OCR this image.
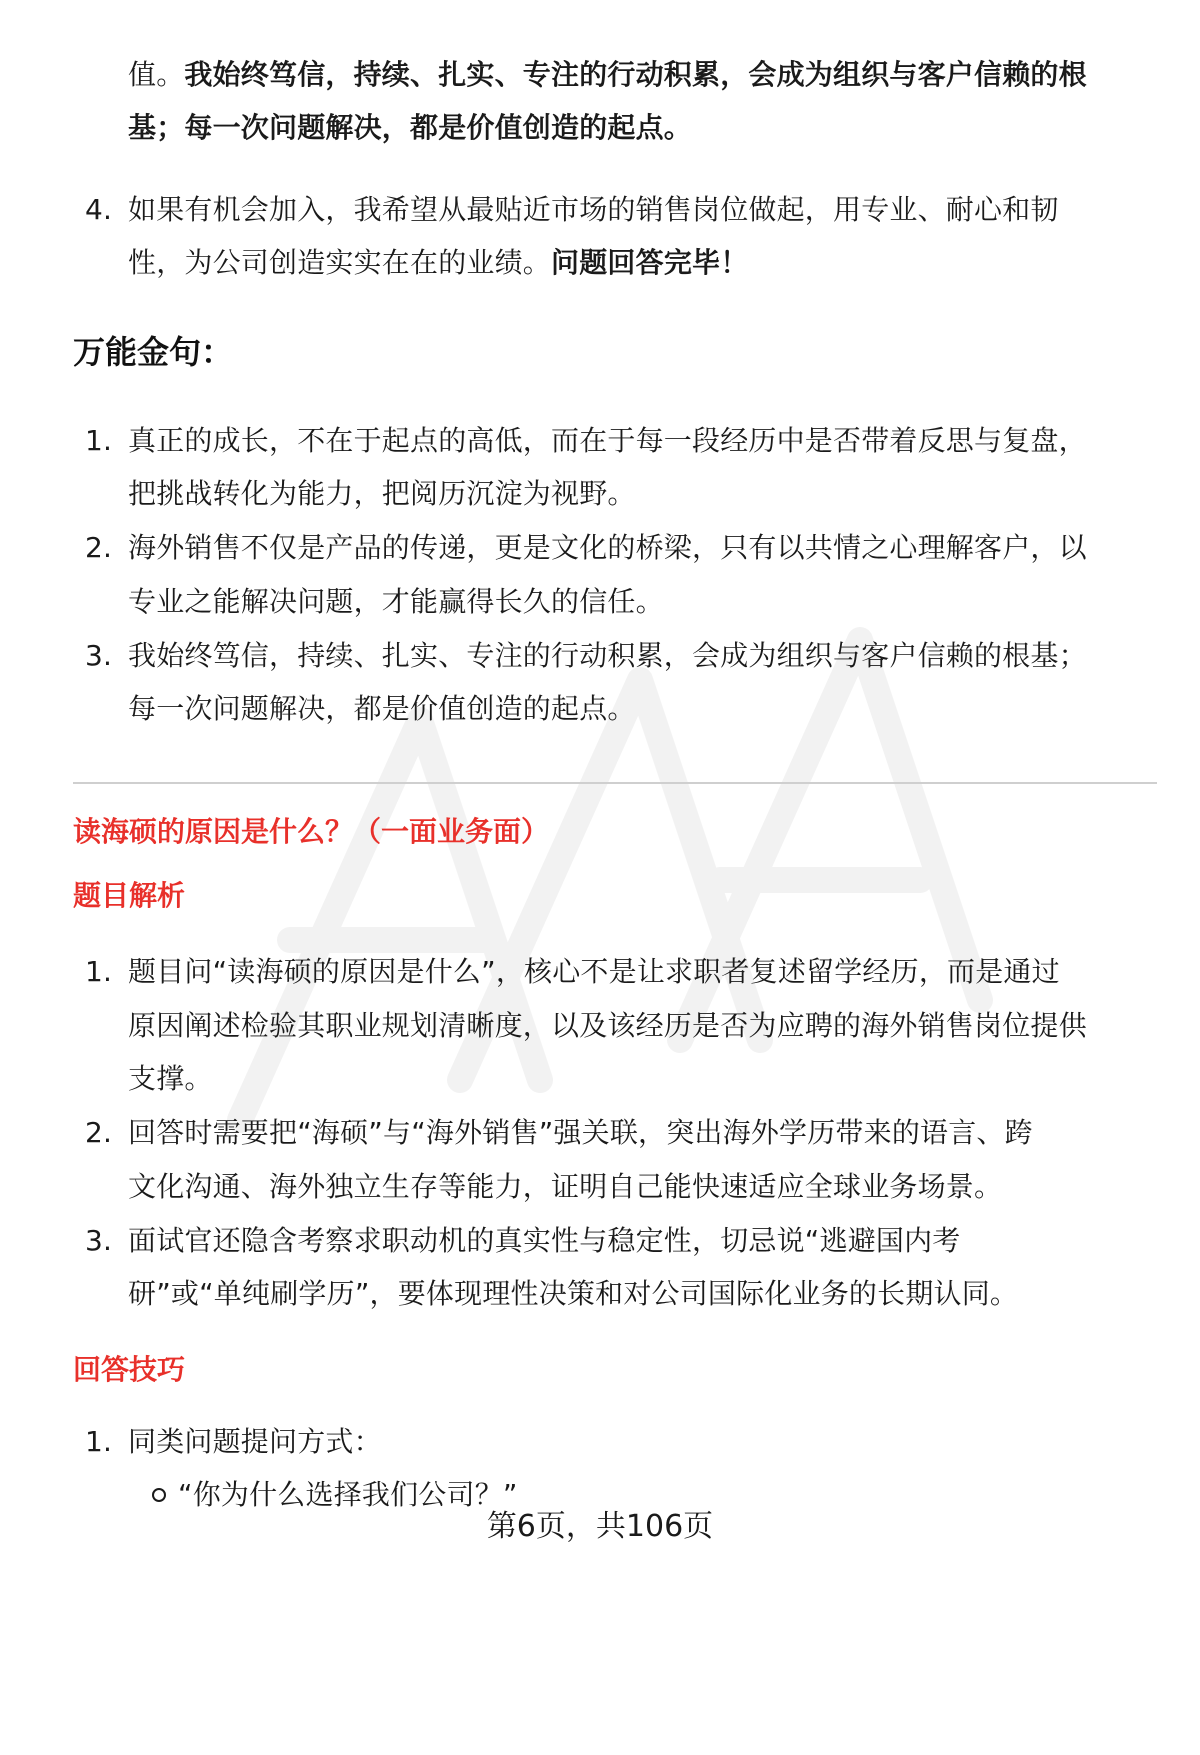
值。我始终笃信，持续、扎实、专注的行动积累，会成为组织与客户信赖的根
基；每一次问题解决，都是价值创造的起点。
4. 如果有机会加入，我希望从最贴近市场的销售岗位做起，用专业、耐心和韧
性，为公司创造实实在在的业绩。问题回答完毕！
万能金句：
1. 真正的成长，不在于起点的高低，而在于每一段经历中是否带着反思与复盘，
把挑战转化为能力，把阅历沉淀为视野。
2. 海外销售不仅是产品的传递，更是文化的桥梁，只有以共情之心理解客户，以
专业之能解决问题，才能赢得长久的信任。
3. 我始终笃信，持续、扎实、专注的行动积累，会成为组织与客户信赖的根基；
每一次问题解决，都是价值创造的起点。
读海硕的原因是什么？（一面业务面）
题目解析
1. 题目问“读海硕的原因是什么”，核心不是让求职者复述留学经历，而是通过
原因阐述检验其职业规划清晰度，以及该经历是否为应聘的海外销售岗位提供
支撑。
2. 回答时需要把“海硕”与“海外销售”强关联，突出海外学历带来的语言、跨
文化沟通、海外独立生存等能力，证明自己能快速适应全球业务场景。
3. 面试官还隐含考察求职动机的真实性与稳定性，切忌说“逃避国内考
研”或“单纯刷学历”，要体现理性决策和对公司国际化业务的长期认同。
回答技巧
1. 同类问题提问方式：
“你为什么选择我们公司？”
第6页，共106页
